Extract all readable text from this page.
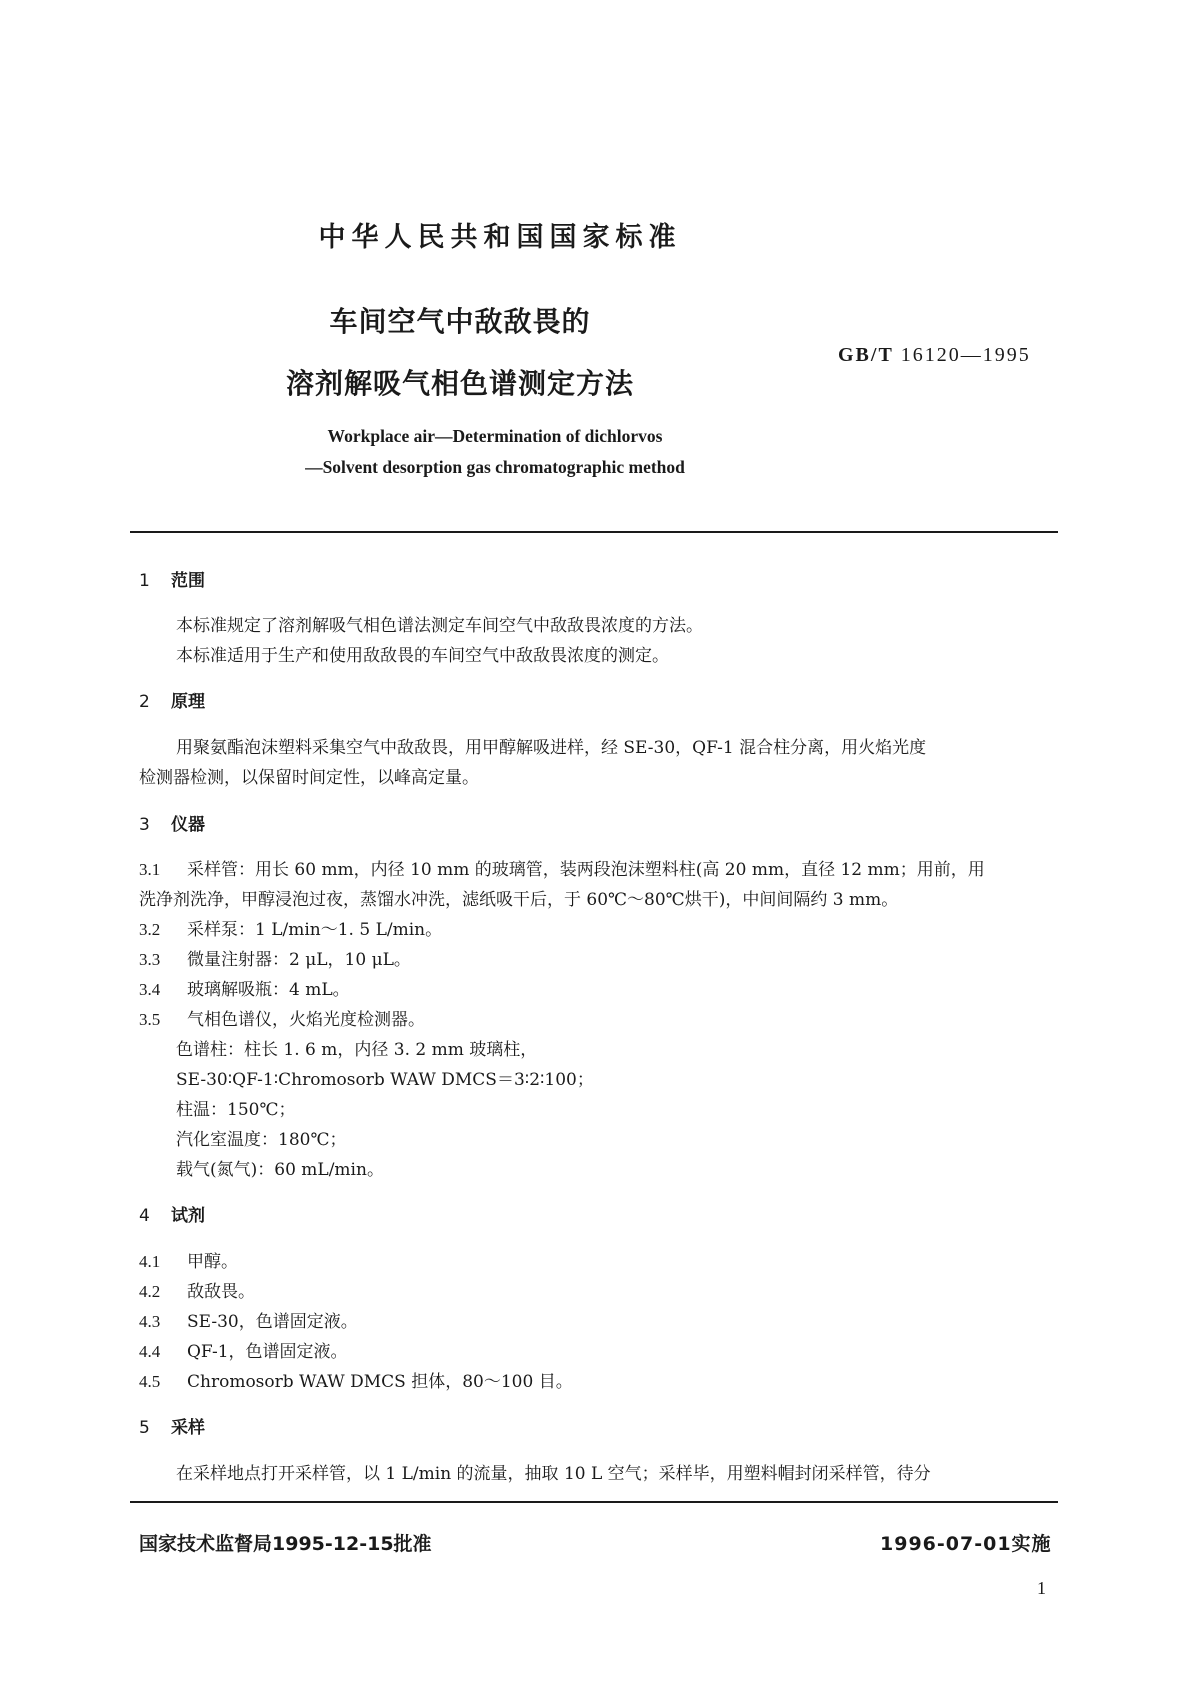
中华人民共和国国家标准
车间空气中敌敌畏的
溶剂解吸气相色谱测定方法
GB/T 16120—1995
Workplace air—Determination of dichlorvos
—Solvent desorption gas chromatographic method
1 范围
本标准规定了溶剂解吸气相色谱法测定车间空气中敌敌畏浓度的方法。
本标准适用于生产和使用敌敌畏的车间空气中敌敌畏浓度的测定。
2 原理
用聚氨酯泡沫塑料采集空气中敌敌畏，用甲醇解吸进样，经 SE-30，QF-1 混合柱分离，用火焰光度
检测器检测，以保留时间定性，以峰高定量。
3 仪器
3.1 采样管：用长 60 mm，内径 10 mm 的玻璃管，装两段泡沫塑料柱(高 20 mm，直径 12 mm；用前，用
洗净剂洗净，甲醇浸泡过夜，蒸馏水冲洗，滤纸吸干后，于 60℃～80℃烘干)，中间间隔约 3 mm。
3.2 采样泵：1 L/min～1. 5 L/min。
3.3 微量注射器：2 μL，10 μL。
3.4 玻璃解吸瓶：4 mL。
3.5 气相色谱仪，火焰光度检测器。
色谱柱：柱长 1. 6 m，内径 3. 2 mm 玻璃柱，
SE-30∶QF-1∶Chromosorb WAW DMCS＝3∶2∶100；
柱温：150℃；
汽化室温度：180℃；
载气(氮气)：60 mL/min。
4 试剂
4.1 甲醇。
4.2 敌敌畏。
4.3 SE-30，色谱固定液。
4.4 QF-1，色谱固定液。
4.5 Chromosorb WAW DMCS 担体，80～100 目。
5 采样
在采样地点打开采样管，以 1 L/min 的流量，抽取 10 L 空气；采样毕，用塑料帽封闭采样管，待分
国家技术监督局1995-12-15批准	1996-07-01实施
1
